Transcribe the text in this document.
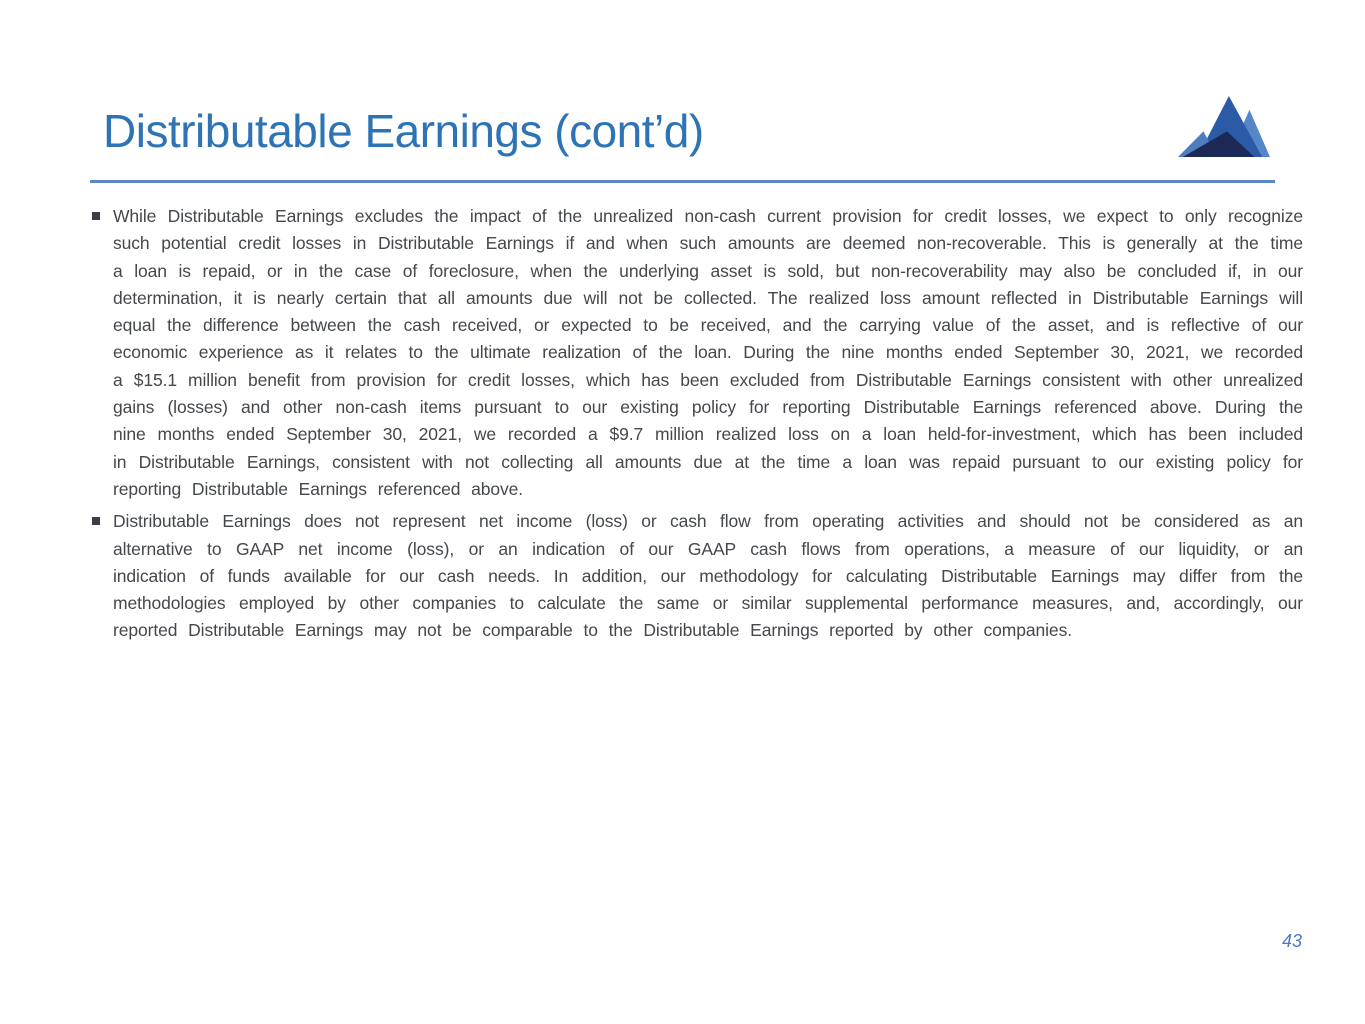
Distributable Earnings (cont’d)

While Distributable Earnings excludes the impact of the unrealized non-cash current provision for credit losses, we expect to only recognize such potential credit losses in Distributable Earnings if and when such amounts are deemed non-recoverable. This is generally at the time a loan is repaid, or in the case of foreclosure, when the underlying asset is sold, but non-recoverability may also be concluded if, in our determination, it is nearly certain that all amounts due will not be collected. The realized loss amount reflected in Distributable Earnings will equal the difference between the cash received, or expected to be received, and the carrying value of the asset, and is reflective of our economic experience as it relates to the ultimate realization of the loan. During the nine months ended September 30, 2021, we recorded a $15.1 million benefit from provision for credit losses, which has been excluded from Distributable Earnings consistent with other unrealized gains (losses) and other non-cash items pursuant to our existing policy for reporting Distributable Earnings referenced above. During the nine months ended September 30, 2021, we recorded a $9.7 million realized loss on a loan held-for-investment, which has been included in Distributable Earnings, consistent with not collecting all amounts due at the time a loan was repaid pursuant to our existing policy for reporting Distributable Earnings referenced above.

Distributable Earnings does not represent net income (loss) or cash flow from operating activities and should not be considered as an alternative to GAAP net income (loss), or an indication of our GAAP cash flows from operations, a measure of our liquidity, or an indication of funds available for our cash needs. In addition, our methodology for calculating Distributable Earnings may differ from the methodologies employed by other companies to calculate the same or similar supplemental performance measures, and, accordingly, our reported Distributable Earnings may not be comparable to the Distributable Earnings reported by other companies.

43
